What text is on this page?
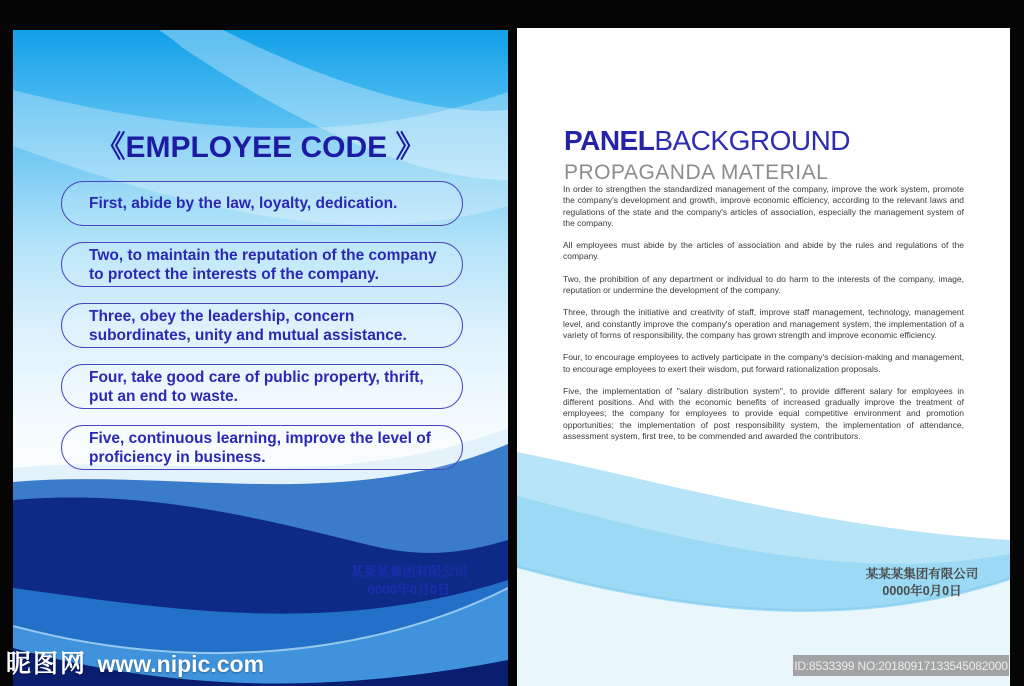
《EMPLOYEE CODE 》
First, abide by the law, loyalty, dedication.
Two, to maintain the reputation of the company to protect the interests of the company.
Three, obey the leadership, concern subordinates, unity and mutual assistance.
Four, take good care of public property, thrift, put an end to waste.
Five, continuous learning, improve the level of proficiency in business.
某某某集团有限公司
0000年0月0日
PANELBACKGROUND
PROPAGANDA MATERIAL

In order to strengthen the standardized management of the company, improve the work system, promote the company's development and growth, improve economic efficiency, according to the relevant laws and regulations of the state and the company's articles of association, especially the management system of the company.

All employees must abide by the articles of association and abide by the rules and regulations of the company.

Two, the prohibition of any department or individual to do harm to the interests of the company, image, reputation or undermine the development of the company.

Three, through the initiative and creativity of staff, improve staff management, technology, management level, and constantly improve the company's operation and management system, the implementation of a variety of forms of responsibility, the company has grown strength and improve economic efficiency.

Four, to encourage employees to actively participate in the company's decision-making and management, to encourage employees to exert their wisdom, put forward rationalization proposals.

Five, the implementation of "salary distribution system", to provide different salary for employees in different positions. And with the economic benefits of increased gradually improve the treatment of employees; the company for employees to provide equal competitive environment and promotion opportunities; the implementation of post responsibility system, the implementation of attendance, assessment system, first tree, to be commended and awarded the contributors.

某某某集团有限公司
0000年0月0日
昵图网 www.nipic.com	ID:8533399 NO:20180917133545082000
